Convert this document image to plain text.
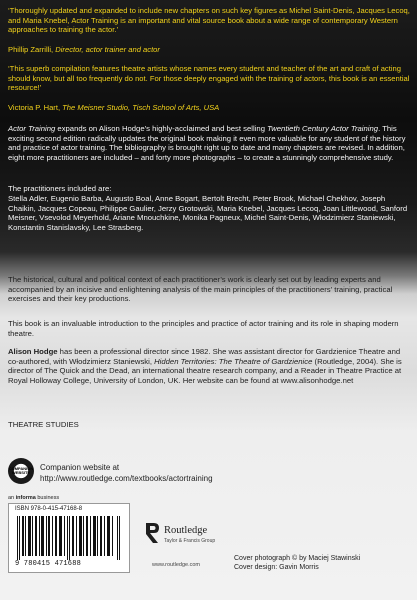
‘Thoroughly updated and expanded to include new chapters on such key figures as Michel Saint-Denis, Jacques Lecoq, and Maria Knebel, Actor Training is an important and vital source book about a wide range of contemporary Western approaches to training the actor.’
Phillip Zarrilli, Director, actor trainer and actor
‘This superb compilation features theatre artists whose names every student and teacher of the art and craft of acting should know, but all too frequently do not. For those deeply engaged with the training of actors, this book is an essential resource!’
Victoria P. Hart, The Meisner Studio, Tisch School of Arts, USA
Actor Training expands on Alison Hodge’s highly-acclaimed and best selling Twentieth Century Actor Training. This exciting second edition radically updates the original book making it even more valuable for any student of the history and practice of actor training. The bibliography is brought right up to date and many chapters are revised. In addition, eight more practitioners are included – and forty more photographs – to create a stunningly comprehensive study.
The practitioners included are:
Stella Adler, Eugenio Barba, Augusto Boal, Anne Bogart, Bertolt Brecht, Peter Brook, Michael Chekhov, Joseph Chaikin, Jacques Copeau, Philippe Gaulier, Jerzy Grotowski, Maria Knebel, Jacques Lecoq, Joan Littlewood, Sanford Meisner, Vsevolod Meyerhold, Ariane Mnouchkine, Monika Pagneux, Michel Saint-Denis, Włodzimierz Staniewski, Konstantin Stanislavsky, Lee Strasberg.
The historical, cultural and political context of each practitioner’s work is clearly set out by leading experts and accompanied by an incisive and enlightening analysis of the main principles of the practitioners’ training, practical exercises and their key productions.
This book is an invaluable introduction to the principles and practice of actor training and its role in shaping modern theatre.
Alison Hodge has been a professional director since 1982. She was assistant director for Gardzienice Theatre and co-authored, with Włodzimierz Staniewski, Hidden Territories: The Theatre of Gardzienice (Routledge, 2004). She is director of The Quick and the Dead, an international theatre research company, and a Reader in Theatre Practice at Royal Holloway College, University of London, UK. Her website can be found at www.alisonhodge.net
THEATRE STUDIES
COMPANION WEBSITE
Companion website at
http://www.routledge.com/textbooks/actortraining
an informa business
ISBN 978-0-415-47168-8
9 780415 471688
Routledge
Taylor & Francis Group
www.routledge.com
Cover photograph © by Maciej Stawinski
Cover design: Gavin Morris
